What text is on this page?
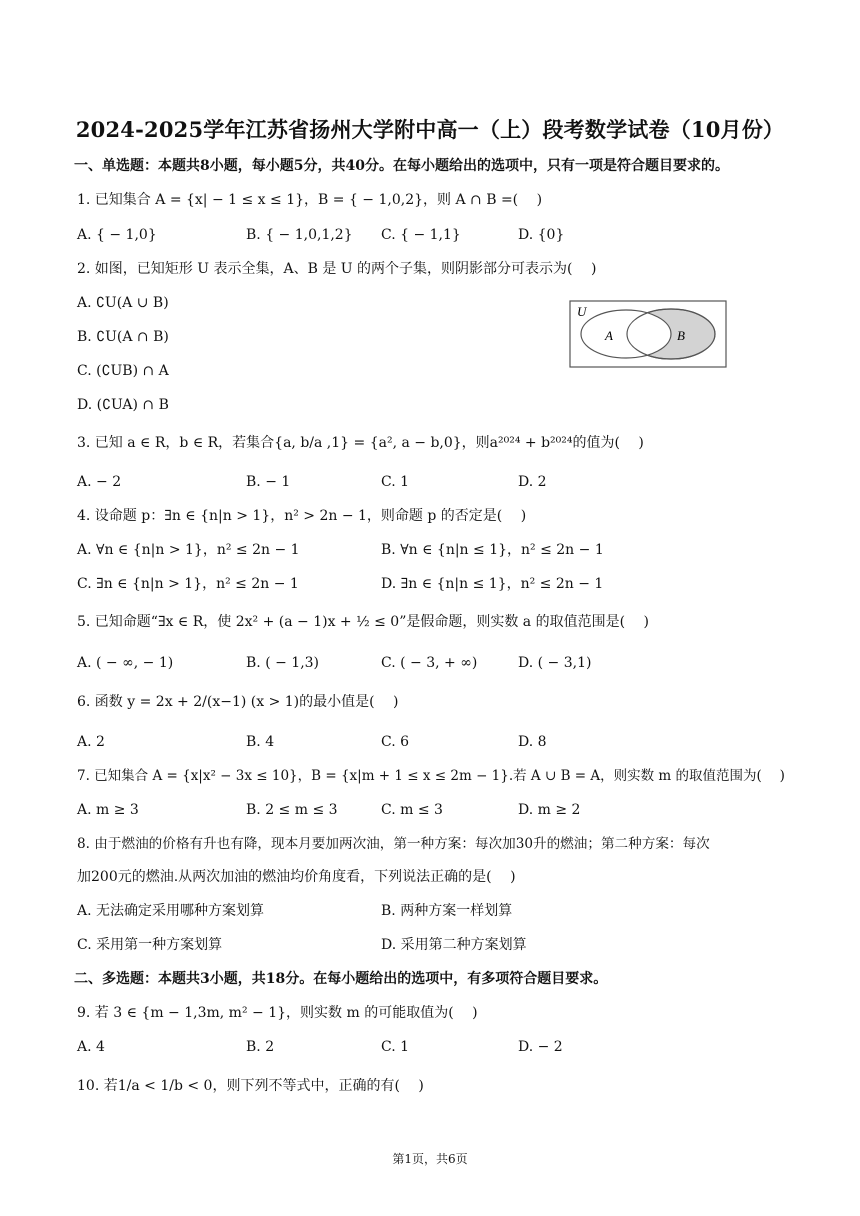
2024-2025学年江苏省扬州大学附中高一（上）段考数学试卷（10月份）
一、单选题：本题共8小题，每小题5分，共40分。在每小题给出的选项中，只有一项是符合题目要求的。
1. 已知集合 A = {x| − 1 ≤ x ≤ 1}，B = { − 1,0,2}，则 A ∩ B =(　 )
A. { − 1,0}	B. { − 1,0,1,2} C. { − 1,1}	D. {0}
2. 如图，已知矩形 U 表示全集，A、B 是 U 的两个子集，则阴影部分可表示为(　 )
A. ∁U(A ∪ B)
B. ∁U(A ∩ B)
C. (∁UB) ∩ A
D. (∁UA) ∩ B
U
A	B
3. 已知 a ∈ R，b ∈ R，若集合{a, b/a ,1} = {a², a − b,0}，则a²⁰²⁴ + b²⁰²⁴的值为(　 )
A. − 2	B. − 1	C. 1	D. 2
4. 设命题 p：∃n ∈ {n|n > 1}，n² > 2n − 1，则命题 p 的否定是(　 )
A. ∀n ∈ {n|n > 1}，n² ≤ 2n − 1	B. ∀n ∈ {n|n ≤ 1}，n² ≤ 2n − 1
C. ∃n ∈ {n|n > 1}，n² ≤ 2n − 1	D. ∃n ∈ {n|n ≤ 1}，n² ≤ 2n − 1
5. 已知命题“∃x ∈ R，使 2x² + (a − 1)x + ½ ≤ 0”是假命题，则实数 a 的取值范围是(　 )
A. ( − ∞, − 1)	B. ( − 1,3)	C. ( − 3, + ∞)	D. ( − 3,1)
6. 函数 y = 2x + 2/(x−1) (x > 1)的最小值是(　 )
A. 2	B. 4	C. 6	D. 8
7. 已知集合 A = {x|x² − 3x ≤ 10}，B = {x|m + 1 ≤ x ≤ 2m − 1}.若 A ∪ B = A，则实数 m 的取值范围为(　 )
A. m ≥ 3	B. 2 ≤ m ≤ 3	C. m ≤ 3	D. m ≥ 2
8. 由于燃油的价格有升也有降，现本月要加两次油，第一种方案：每次加30升的燃油；第二种方案：每次
加200元的燃油.从两次加油的燃油均价角度看，下列说法正确的是(　 )
A. 无法确定采用哪种方案划算	B. 两种方案一样划算
C. 采用第一种方案划算	D. 采用第二种方案划算
二、多选题：本题共3小题，共18分。在每小题给出的选项中，有多项符合题目要求。
9. 若 3 ∈ {m − 1,3m, m² − 1}，则实数 m 的可能取值为(　 )
A. 4	B. 2	C. 1	D. − 2
10. 若1/a < 1/b < 0，则下列不等式中，正确的有(　 )
第1页，共6页
